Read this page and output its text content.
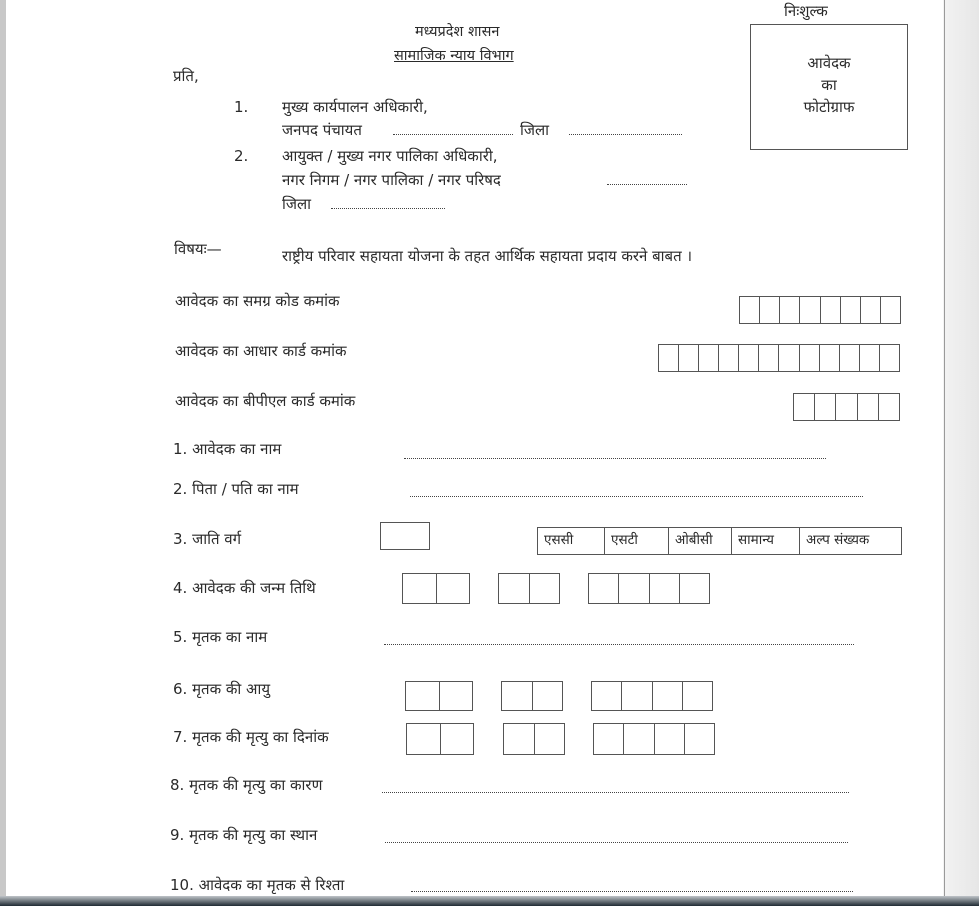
निःशुल्क
मध्यप्रदेश शासन
सामाजिक न्याय विभाग	आवेदक
का
फोटोग्राफ
प्रति,
1. मुख्य कार्यपालन अधिकारी,
जनपद पंचायत	जिला
2. आयुक्त / मुख्य नगर पालिका अधिकारी,
नगर निगम / नगर पालिका / नगर परिषद
जिला
विषयः—	राष्ट्रीय परिवार सहायता योजना के तहत आर्थिक सहायता प्रदाय करने बाबत ।
आवेदक का समग्र कोड कमांक
आवेदक का आधार कार्ड कमांक
आवेदक का बीपीएल कार्ड कमांक
1. आवेदक का नाम
2. पिता / पति का नाम
3. जाति वर्ग	एससी	एसटी	ओबीसी	सामान्य	अल्प संख्यक
4. आवेदक की जन्म तिथि
5. मृतक का नाम
6. मृतक की आयु
7. मृतक की मृत्यु का दिनांक
8. मृतक की मृत्यु का कारण
9. मृतक की मृत्यु का स्थान
10. आवेदक का मृतक से रिश्ता
